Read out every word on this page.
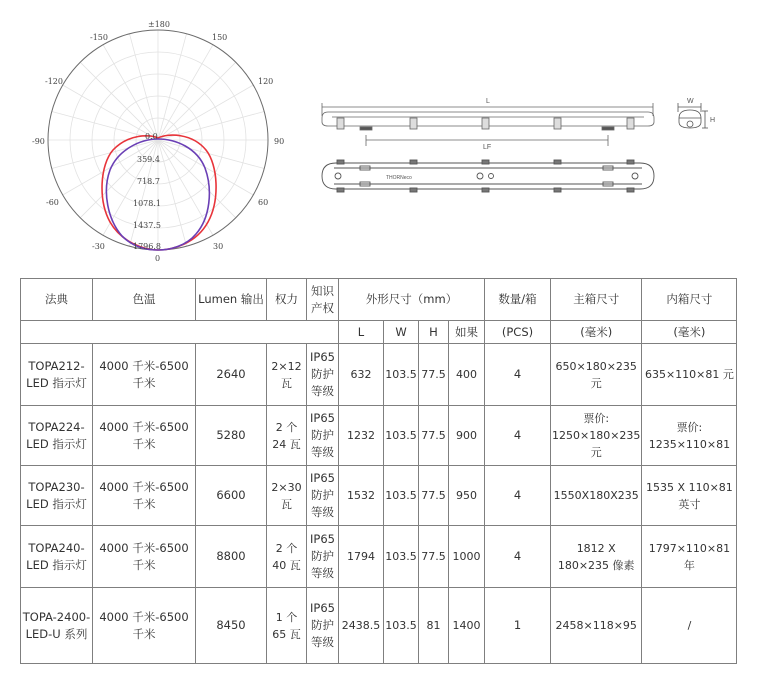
±180
-150	150
-120	120
-90	90
-60	60
-30	30
0
0.0
359.4
718.7
1078.1
1437.5
1796.8
L
LF
THORNeco
W
H
法典	色温	Lumen 输出	权力	知识产权	外形尺寸（mm）				数量/箱	主箱尺寸	内箱尺寸
					L	W	H	如果	(PCS)	(毫米)	(毫米)
TOPA212-LED 指示灯	4000 千米-6500 千米	2640	2×12 瓦	IP65 防护等级	632	103.5	77.5	400	4	650×180×235 元	635×110×81 元
TOPA224-LED 指示灯	4000 千米-6500 千米	5280	2 个 24 瓦	IP65 防护等级	1232	103.5	77.5	900	4	票价: 1250×180×235 元	票价: 1235×110×81
TOPA230-LED 指示灯	4000 千米-6500 千米	6600	2×30 瓦	IP65 防护等级	1532	103.5	77.5	950	4	1550X180X235	1535 X 110×81 英寸
TOPA240-LED 指示灯	4000 千米-6500 千米	8800	2 个 40 瓦	IP65 防护等级	1794	103.5	77.5	1000	4	1812 X 180×235 像素	1797×110×81 年
TOPA-2400-LED-U 系列	4000 千米-6500 千米	8450	1 个 65 瓦	IP65 防护等级	2438.5	103.5	81	1400	1	2458×118×95	/
